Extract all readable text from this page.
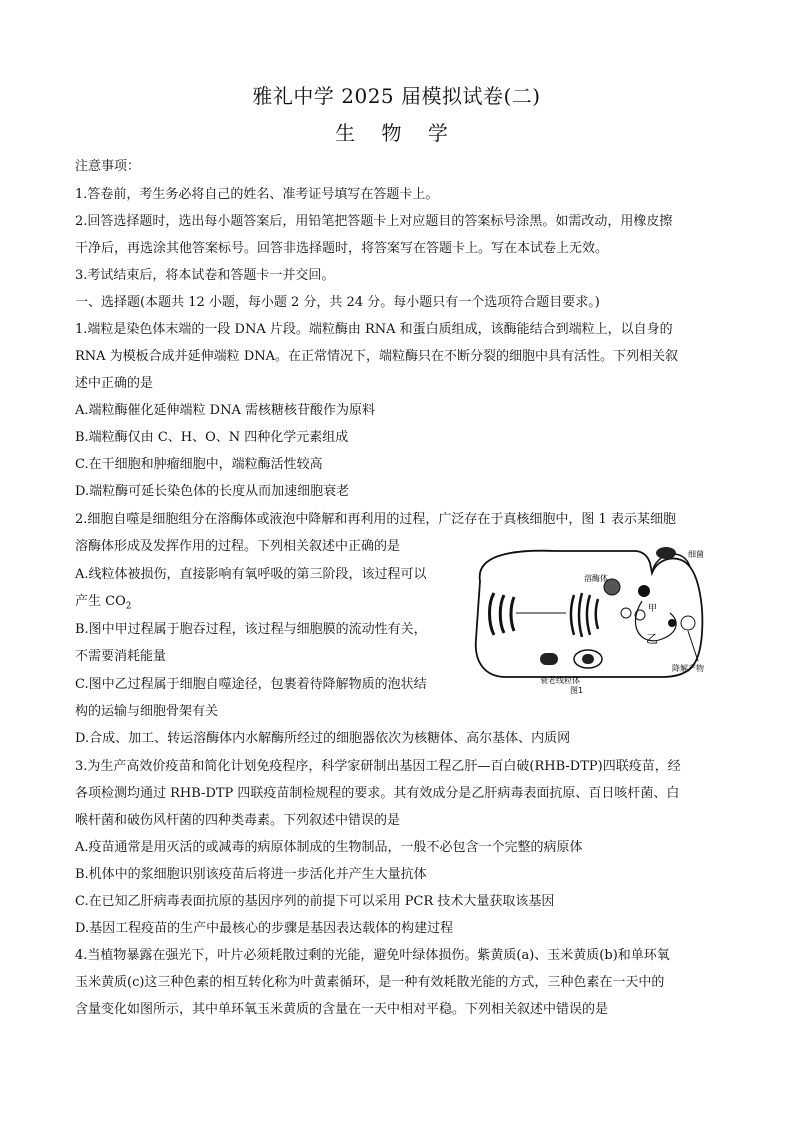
雅礼中学 2025 届模拟试卷(二)
生 物 学
注意事项：
1.答卷前，考生务必将自己的姓名、准考证号填写在答题卡上。
2.回答选择题时，选出每小题答案后，用铅笔把答题卡上对应题目的答案标号涂黑。如需改动，用橡皮擦
干净后，再选涂其他答案标号。回答非选择题时，将答案写在答题卡上。写在本试卷上无效。
3.考试结束后，将本试卷和答题卡一并交回。
一、选择题(本题共 12 小题，每小题 2 分，共 24 分。每小题只有一个选项符合题目要求。)
1.端粒是染色体末端的一段 DNA 片段。端粒酶由 RNA 和蛋白质组成，该酶能结合到端粒上，以自身的
RNA 为模板合成并延伸端粒 DNA。在正常情况下，端粒酶只在不断分裂的细胞中具有活性。下列相关叙
述中正确的是
A.端粒酶催化延伸端粒 DNA 需核糖核苷酸作为原料
B.端粒酶仅由 C、H、O、N 四种化学元素组成
C.在干细胞和肿瘤细胞中，端粒酶活性较高
D.端粒酶可延长染色体的长度从而加速细胞衰老
2.细胞自噬是细胞组分在溶酶体或液泡中降解和再利用的过程，广泛存在于真核细胞中，图 1 表示某细胞
溶酶体形成及发挥作用的过程。下列相关叙述中正确的是
A.线粒体被损伤，直接影响有氧呼吸的第三阶段，该过程可以
产生 $CO_2$
B.图中甲过程属于胞吞过程，该过程与细胞膜的流动性有关，
不需要消耗能量
C.图中乙过程属于细胞自噬途径，包裹着待降解物质的泡状结
构的运输与细胞骨架有关
D.合成、加工、转运溶酶体内水解酶所经过的细胞器依次为核糖体、高尔基体、内质网
溶酶体
细菌
甲
乙
衰老线粒体
降解产物
图1
3.为生产高效价疫苗和简化计划免疫程序，科学家研制出基因工程乙肝—百白破(RHB-DTP)四联疫苗，经
各项检测均通过 RHB-DTP 四联疫苗制检规程的要求。其有效成分是乙肝病毒表面抗原、百日咳杆菌、白
喉杆菌和破伤风杆菌的四种类毒素。下列叙述中错误的是
A.疫苗通常是用灭活的或减毒的病原体制成的生物制品，一般不必包含一个完整的病原体
B.机体中的浆细胞识别该疫苗后将进一步活化并产生大量抗体
C.在已知乙肝病毒表面抗原的基因序列的前提下可以采用 PCR 技术大量获取该基因
D.基因工程疫苗的生产中最核心的步骤是基因表达载体的构建过程
4.当植物暴露在强光下，叶片必须耗散过剩的光能，避免叶绿体损伤。紫黄质(a)、玉米黄质(b)和单环氧
玉米黄质(c)这三种色素的相互转化称为叶黄素循环，是一种有效耗散光能的方式，三种色素在一天中的
含量变化如图所示，其中单环氧玉米黄质的含量在一天中相对平稳。下列相关叙述中错误的是
